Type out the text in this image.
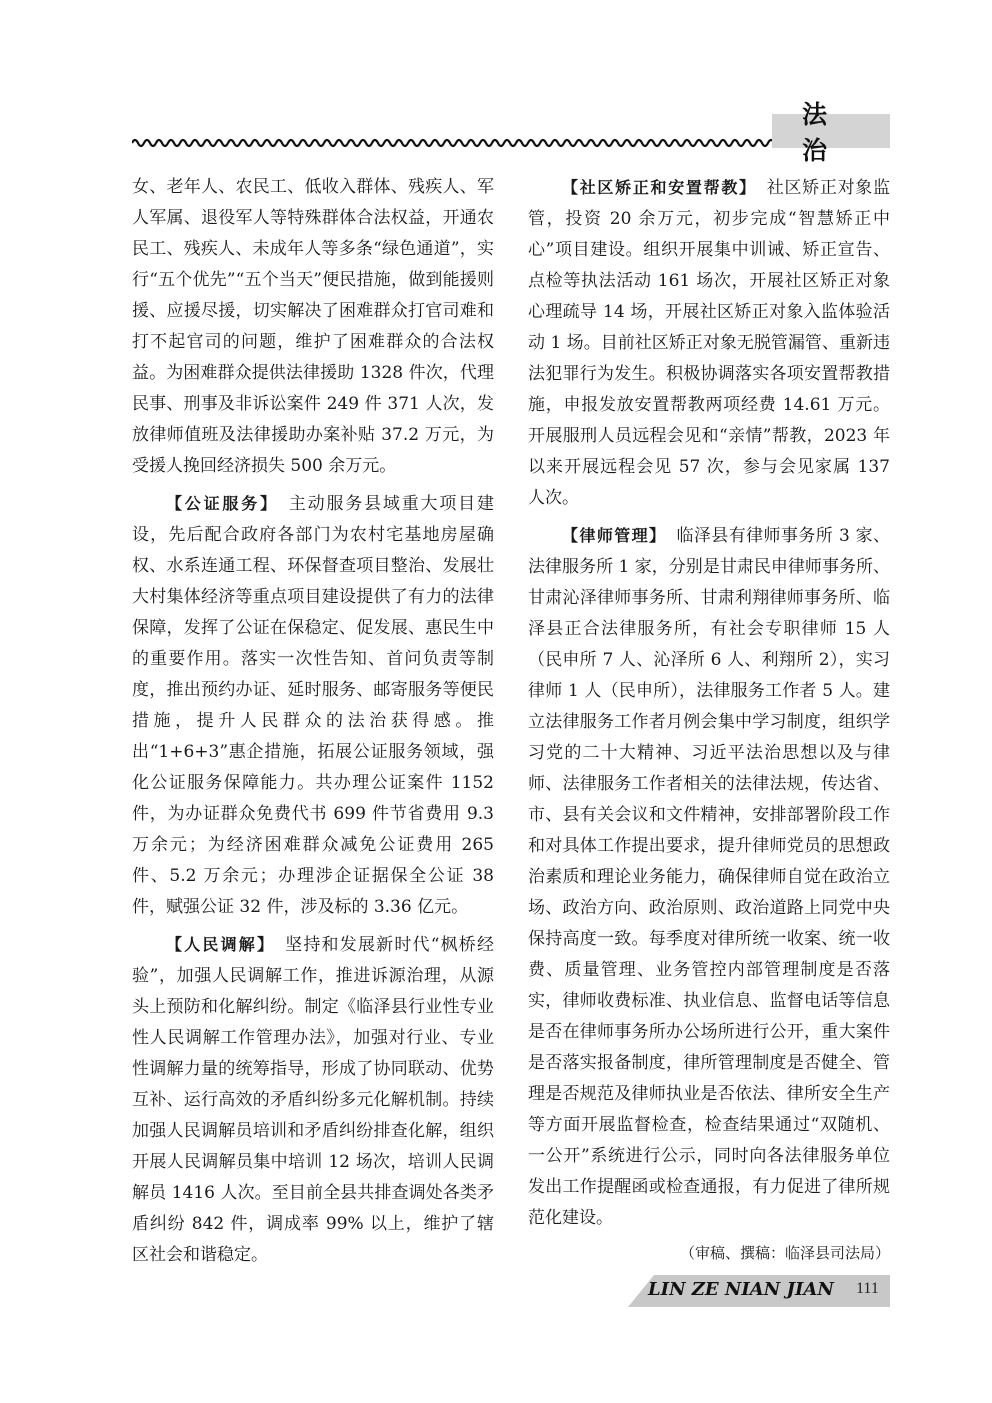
法 治

女、老年人、农民工、低收入群体、残疾人、军人军属、退役军人等特殊群体合法权益，开通农民工、残疾人、未成年人等多条“绿色通道”，实行“五个优先”“五个当天”便民措施，做到能援则援、应援尽援，切实解决了困难群众打官司难和打不起官司的问题，维护了困难群众的合法权益。为困难群众提供法律援助 1328 件次，代理民事、刑事及非诉讼案件 249 件 371 人次，发放律师值班及法律援助办案补贴 37.2 万元，为受援人挽回经济损失 500 余万元。

【公证服务】 主动服务县域重大项目建设，先后配合政府各部门为农村宅基地房屋确权、水系连通工程、环保督查项目整治、发展壮大村集体经济等重点项目建设提供了有力的法律保障，发挥了公证在保稳定、促发展、惠民生中的重要作用。落实一次性告知、首问负责等制度，推出预约办证、延时服务、邮寄服务等便民措施，提升人民群众的法治获得感。推出“1+6+3”惠企措施，拓展公证服务领域，强化公证服务保障能力。共办理公证案件 1152 件，为办证群众免费代书 699 件节省费用 9.3 万余元；为经济困难群众减免公证费用 265 件、5.2 万余元；办理涉企证据保全公证 38 件，赋强公证 32 件，涉及标的 3.36 亿元。

【人民调解】 坚持和发展新时代“枫桥经验”，加强人民调解工作，推进诉源治理，从源头上预防和化解纠纷。制定《临泽县行业性专业性人民调解工作管理办法》，加强对行业、专业性调解力量的统筹指导，形成了协同联动、优势互补、运行高效的矛盾纠纷多元化解机制。持续加强人民调解员培训和矛盾纠纷排查化解，组织开展人民调解员集中培训 12 场次，培训人民调解员 1416 人次。至目前全县共排查调处各类矛盾纠纷 842 件，调成率 99% 以上，维护了辖区社会和谐稳定。

【社区矫正和安置帮教】 社区矫正对象监管，投资 20 余万元，初步完成“智慧矫正中心”项目建设。组织开展集中训诫、矫正宣告、点检等执法活动 161 场次，开展社区矫正对象心理疏导 14 场，开展社区矫正对象入监体验活动 1 场。目前社区矫正对象无脱管漏管、重新违法犯罪行为发生。积极协调落实各项安置帮教措施，申报发放安置帮教两项经费 14.61 万元。开展服刑人员远程会见和“亲情”帮教，2023 年以来开展远程会见 57 次，参与会见家属 137 人次。

【律师管理】 临泽县有律师事务所 3 家、法律服务所 1 家，分别是甘肃民申律师事务所、甘肃沁泽律师事务所、甘肃利翔律师事务所、临泽县正合法律服务所，有社会专职律师 15 人（民申所 7 人、沁泽所 6 人、利翔所 2），实习律师 1 人（民申所），法律服务工作者 5 人。建立法律服务工作者月例会集中学习制度，组织学习党的二十大精神、习近平法治思想以及与律师、法律服务工作者相关的法律法规，传达省、市、县有关会议和文件精神，安排部署阶段工作和对具体工作提出要求，提升律师党员的思想政治素质和理论业务能力，确保律师自觉在政治立场、政治方向、政治原则、政治道路上同党中央保持高度一致。每季度对律所统一收案、统一收费、质量管理、业务管控内部管理制度是否落实，律师收费标准、执业信息、监督电话等信息是否在律师事务所办公场所进行公开，重大案件是否落实报备制度，律所管理制度是否健全、管理是否规范及律师执业是否依法、律所安全生产等方面开展监督检查，检查结果通过“双随机、一公开”系统进行公示，同时向各法律服务单位发出工作提醒函或检查通报，有力促进了律所规范化建设。

（审稿、撰稿：临泽县司法局）

LIN ZE NIAN JIAN 111
